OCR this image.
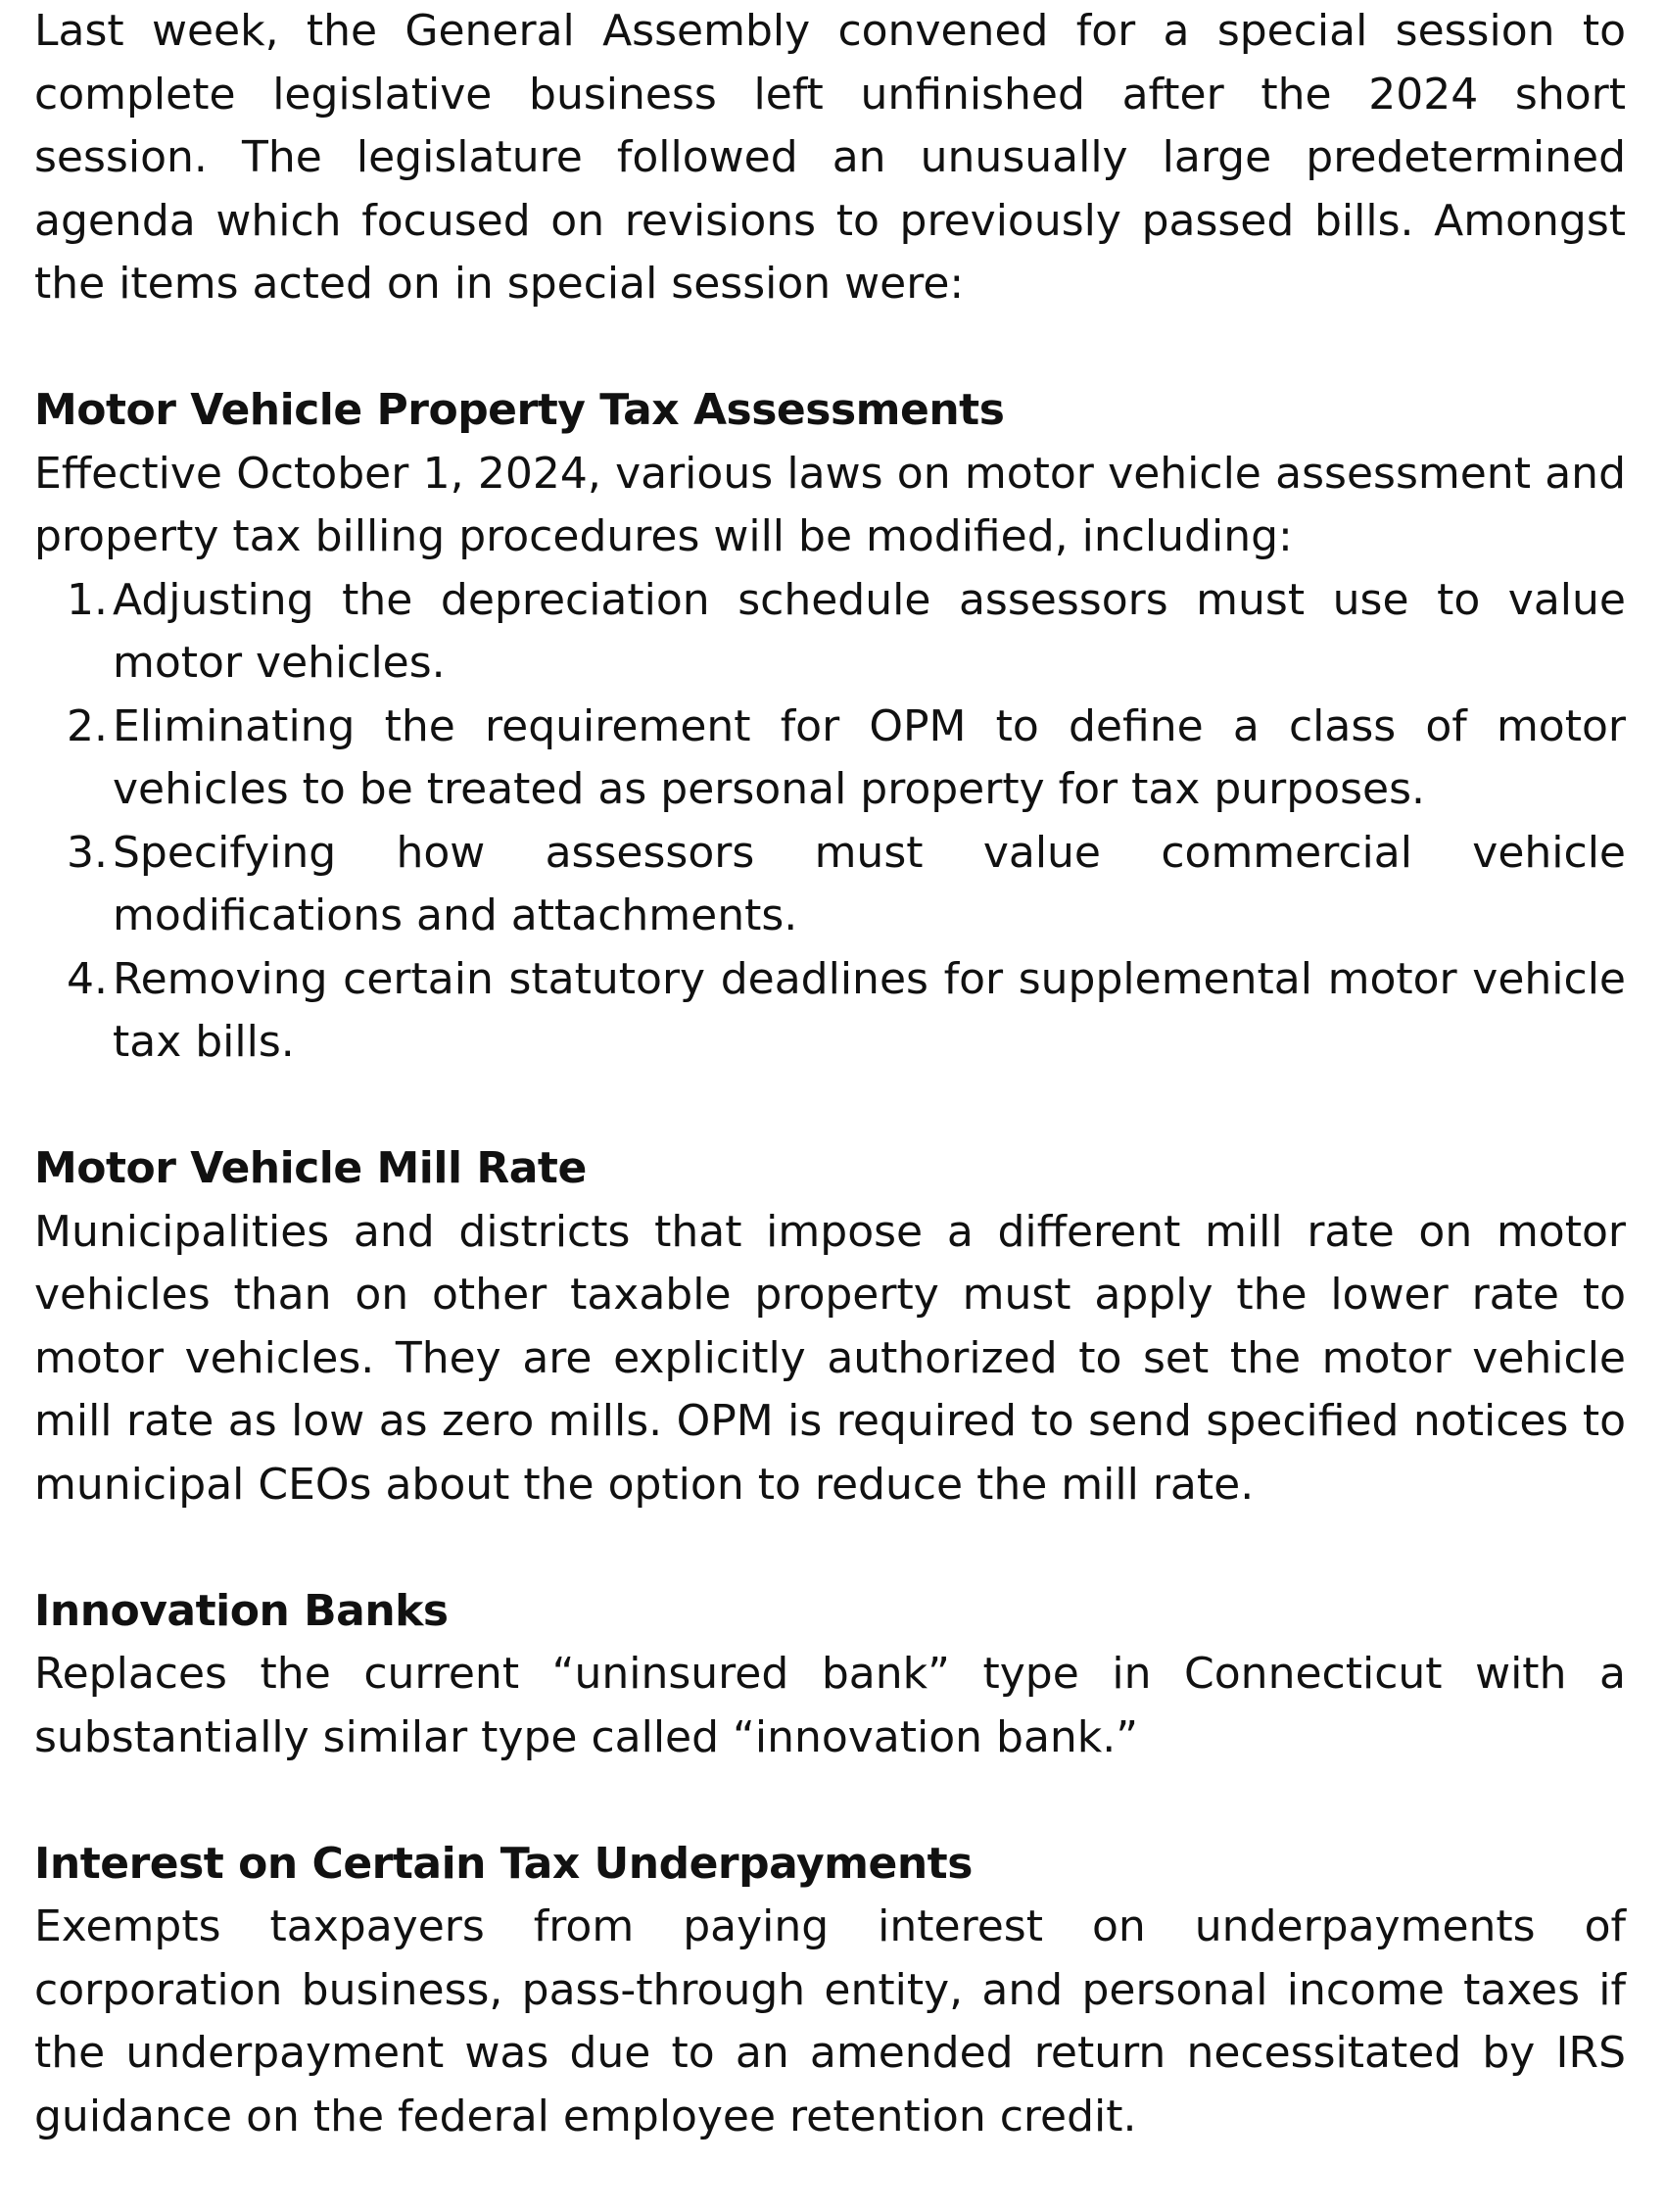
Last week, the General Assembly convened for a special session to complete legislative business left unfinished after the 2024 short session. The legislature followed an unusually large predetermined agenda which focused on revisions to previously passed bills. Amongst the items acted on in special session were:

Motor Vehicle Property Tax Assessments

Effective October 1, 2024, various laws on motor vehicle assessment and property tax billing procedures will be modified, including:

1. Adjusting the depreciation schedule assessors must use to value motor vehicles.
2. Eliminating the requirement for OPM to define a class of motor vehicles to be treated as personal property for tax purposes.
3. Specifying how assessors must value commercial vehicle modifications and attachments.
4. Removing certain statutory deadlines for supplemental motor vehicle tax bills.
Motor Vehicle Mill Rate

Municipalities and districts that impose a different mill rate on motor vehicles than on other taxable property must apply the lower rate to motor vehicles. They are explicitly authorized to set the motor vehicle mill rate as low as zero mills. OPM is required to send specified notices to municipal CEOs about the option to reduce the mill rate.

Innovation Banks

Replaces the current “uninsured bank” type in Connecticut with a substantially similar type called “innovation bank.”

Interest on Certain Tax Underpayments

Exempts taxpayers from paying interest on underpayments of corporation business, pass-through entity, and personal income taxes if the underpayment was due to an amended return necessitated by IRS guidance on the federal employee retention credit.
